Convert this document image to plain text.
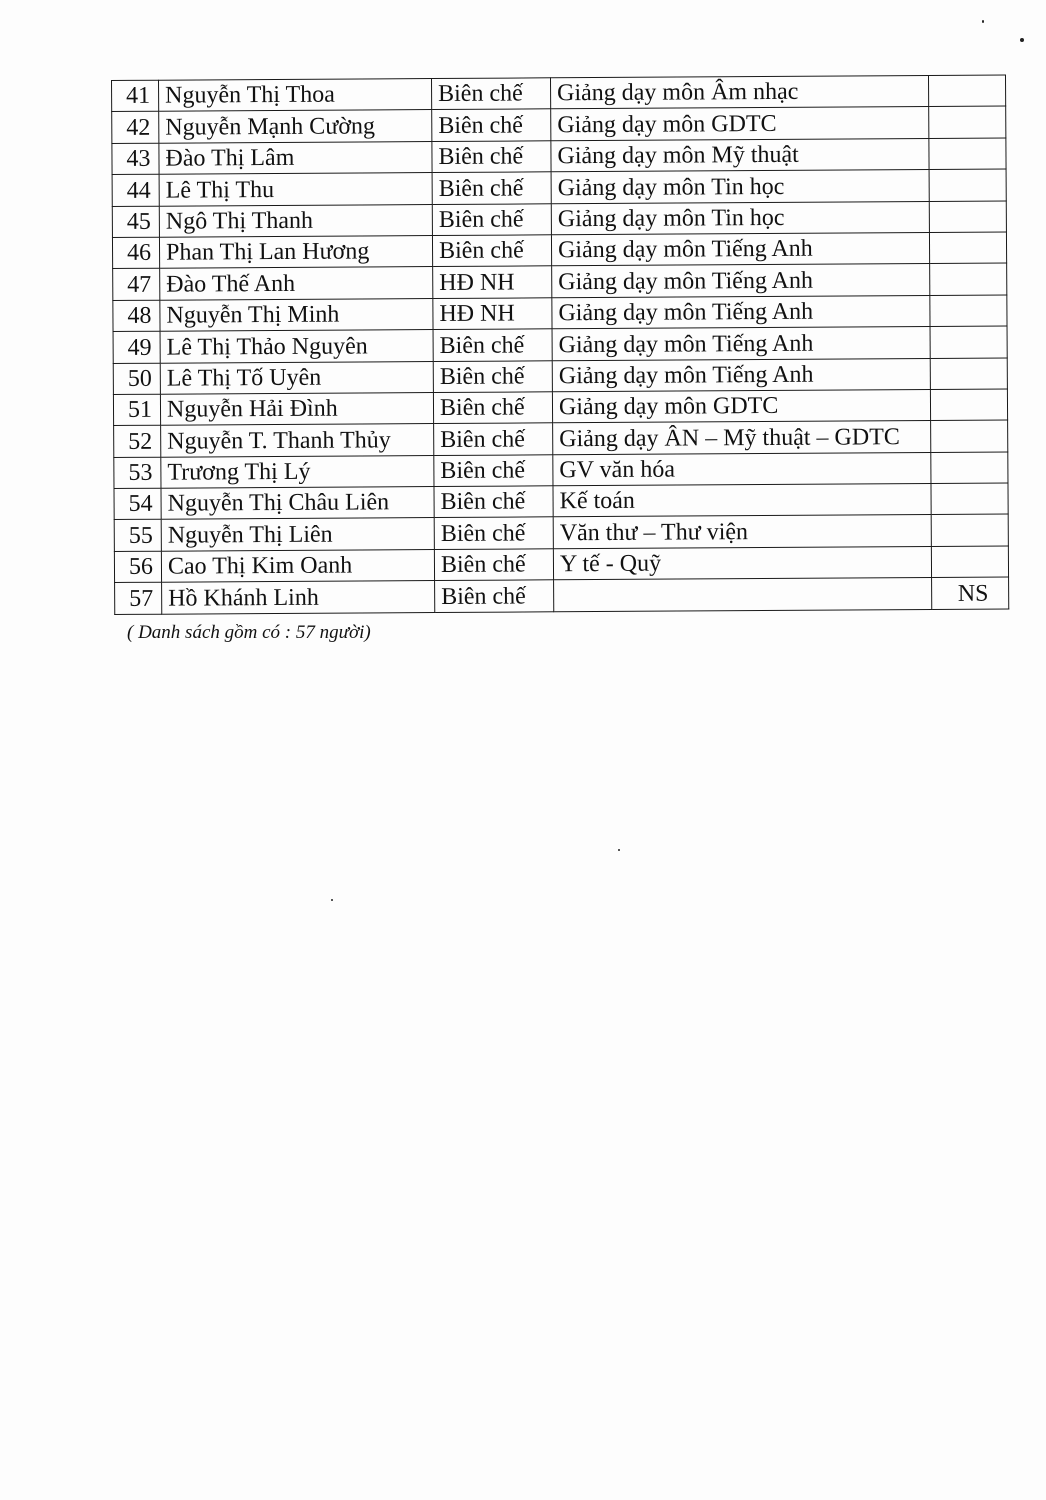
41	Nguyễn Thị Thoa	Biên chế	Giảng dạy môn Âm nhạc	
42	Nguyễn Mạnh Cường	Biên chế	Giảng dạy môn GDTC	
43	Đào Thị Lâm	Biên chế	Giảng dạy môn Mỹ thuật	
44	Lê Thị Thu	Biên chế	Giảng dạy môn Tin học	
45	Ngô Thị Thanh	Biên chế	Giảng dạy môn Tin học	
46	Phan Thị Lan Hương	Biên chế	Giảng dạy môn Tiếng Anh	
47	Đào Thế Anh	HĐ NH	Giảng dạy môn Tiếng Anh	
48	Nguyễn Thị Minh	HĐ NH	Giảng dạy môn Tiếng Anh	
49	Lê Thị Thảo Nguyên	Biên chế	Giảng dạy môn Tiếng Anh	
50	Lê Thị Tố Uyên	Biên chế	Giảng dạy môn Tiếng Anh	
51	Nguyễn Hải Đình	Biên chế	Giảng dạy môn GDTC	
52	Nguyễn T. Thanh Thủy	Biên chế	Giảng dạy ÂN – Mỹ thuật – GDTC	
53	Trương Thị Lý	Biên chế	GV văn hóa	
54	Nguyễn Thị Châu Liên	Biên chế	Kế toán	
55	Nguyễn Thị Liên	Biên chế	Văn thư – Thư viện	
56	Cao Thị Kim Oanh	Biên chế	Y tế - Quỹ	
57	Hồ Khánh Linh	Biên chế		NS
( Danh sách gồm có : 57 người)
